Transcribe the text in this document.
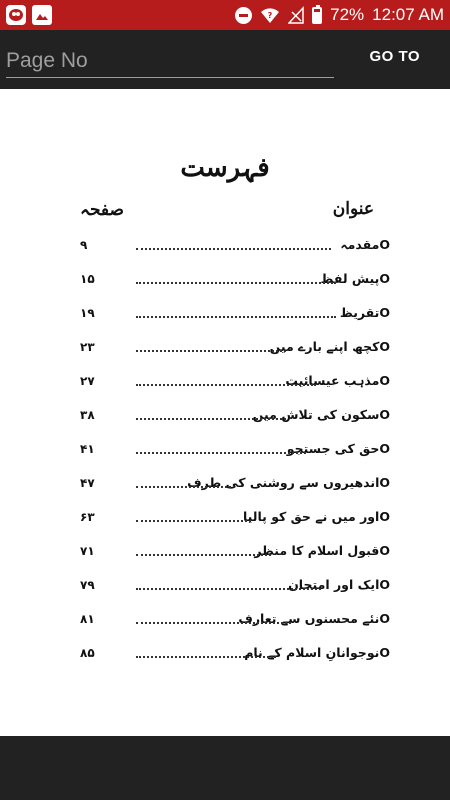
?	72% 12:07 AM
Page No
GO TO
فہرست
عنوان
صفحہ
Oمقدمہ
۹
Oپیش لفظ
۱۵
Oتقریظ
۱۹
Oکچھ اپنے بارے میں
۲۳
Oمذہب عیسائیت
۲۷
Oسکون کی تلاش میں
۳۸
Oحق کی جستجو
۴۱
Oاندھیروں سے روشنی کی طرف
۴۷
Oاور میں نے حق کو پالیا
۶۳
Oقبول اسلام کا منظر
۷۱
Oایک اور امتحان
۷۹
Oنئے محسنوں سے تعارف
۸۱
Oنوجوانانِ اسلام کے نام
۸۵
